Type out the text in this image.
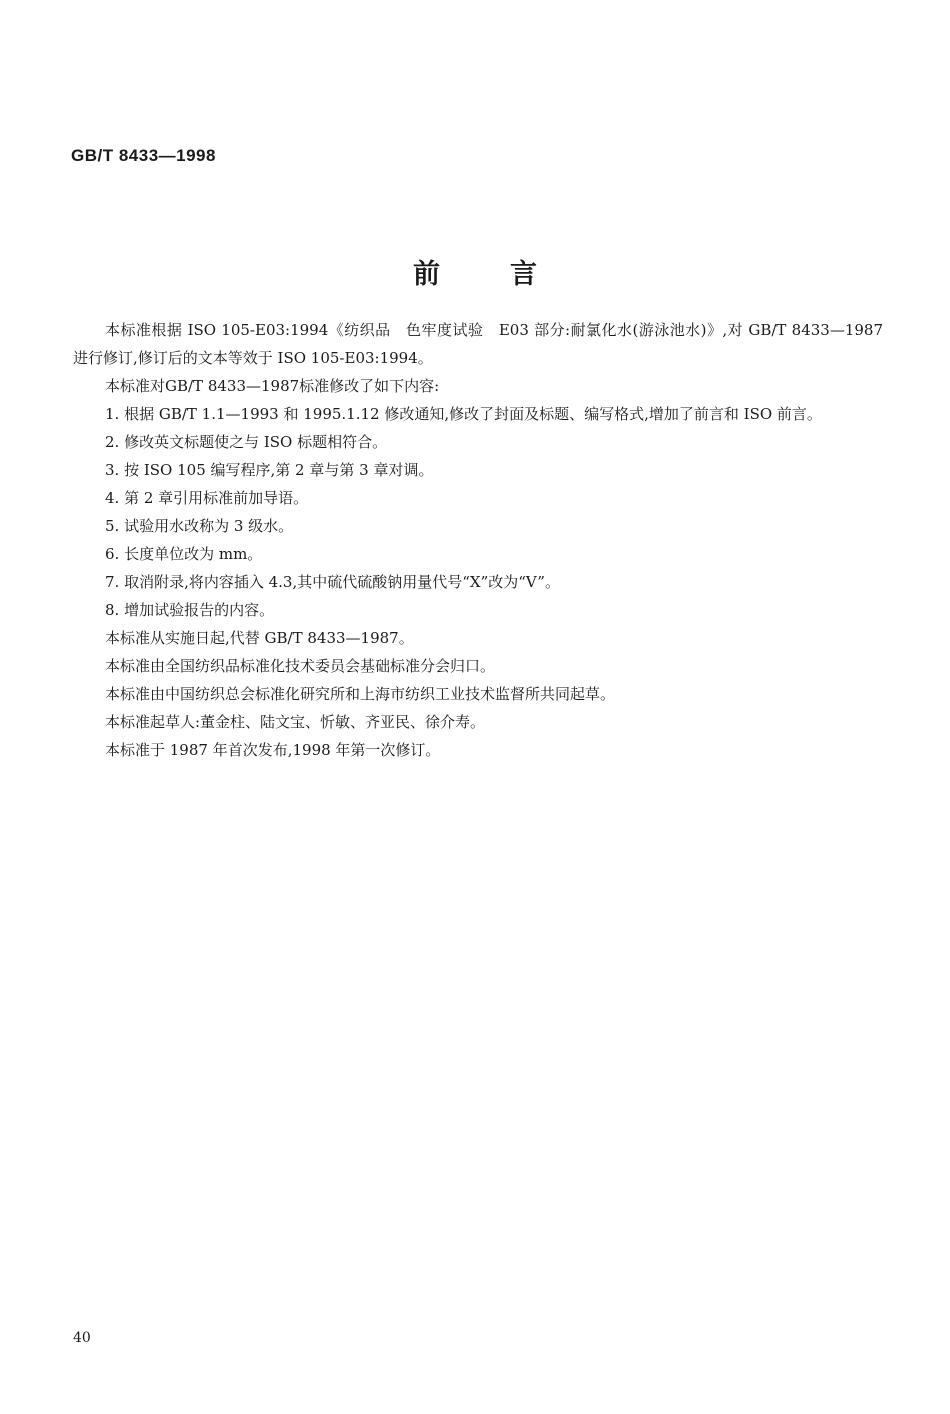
GB/T 8433—1998
前言

本标准根据 ISO 105-E03:1994《纺织品　色牢度试验　E03 部分:耐氯化水(游泳池水)》,对 GB/T 8433—1987 进行修订,修订后的文本等效于 ISO 105-E03:1994。

本标准对GB/T 8433—1987标准修改了如下内容:

1. 根据 GB/T 1.1—1993 和 1995.1.12 修改通知,修改了封面及标题、编写格式,增加了前言和 ISO 前言。

2. 修改英文标题使之与 ISO 标题相符合。

3. 按 ISO 105 编写程序,第 2 章与第 3 章对调。

4. 第 2 章引用标准前加导语。

5. 试验用水改称为 3 级水。

6. 长度单位改为 mm。

7. 取消附录,将内容插入 4.3,其中硫代硫酸钠用量代号“X”改为“V”。

8. 增加试验报告的内容。

本标准从实施日起,代替 GB/T 8433—1987。

本标准由全国纺织品标准化技术委员会基础标准分会归口。

本标准由中国纺织总会标准化研究所和上海市纺织工业技术监督所共同起草。

本标准起草人:董金柱、陆文宝、忻敏、齐亚民、徐介寿。

本标准于 1987 年首次发布,1998 年第一次修订。

40
